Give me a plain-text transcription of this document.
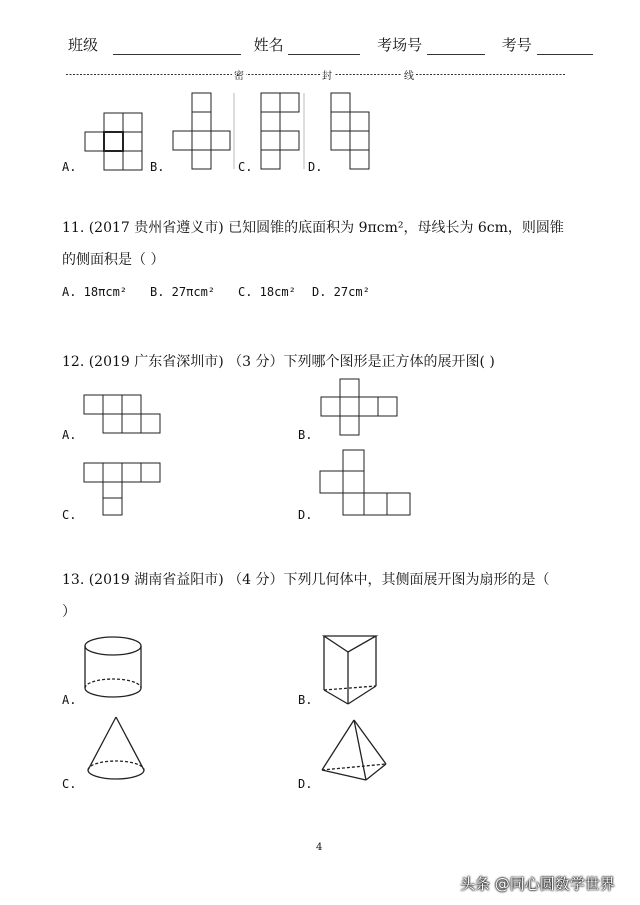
班级	姓名	考场号	考号
密	封	线
A.	B.	C.	D.
11. (2017 贵州省遵义市) 已知圆锥的底面积为 9πcm²，母线长为 6cm，则圆锥
的侧面积是（ ）
A. 18πcm² B. 27πcm² C. 18cm² D. 27cm²
12. (2019 广东省深圳市) （3 分）下列哪个图形是正方体的展开图( )
A.	B.
C.	D.
13. (2019 湖南省益阳市) （4 分）下列几何体中，其侧面展开图为扇形的是（
）
A.	B.
C.	D.
4
头条 @同心圆数学世界
